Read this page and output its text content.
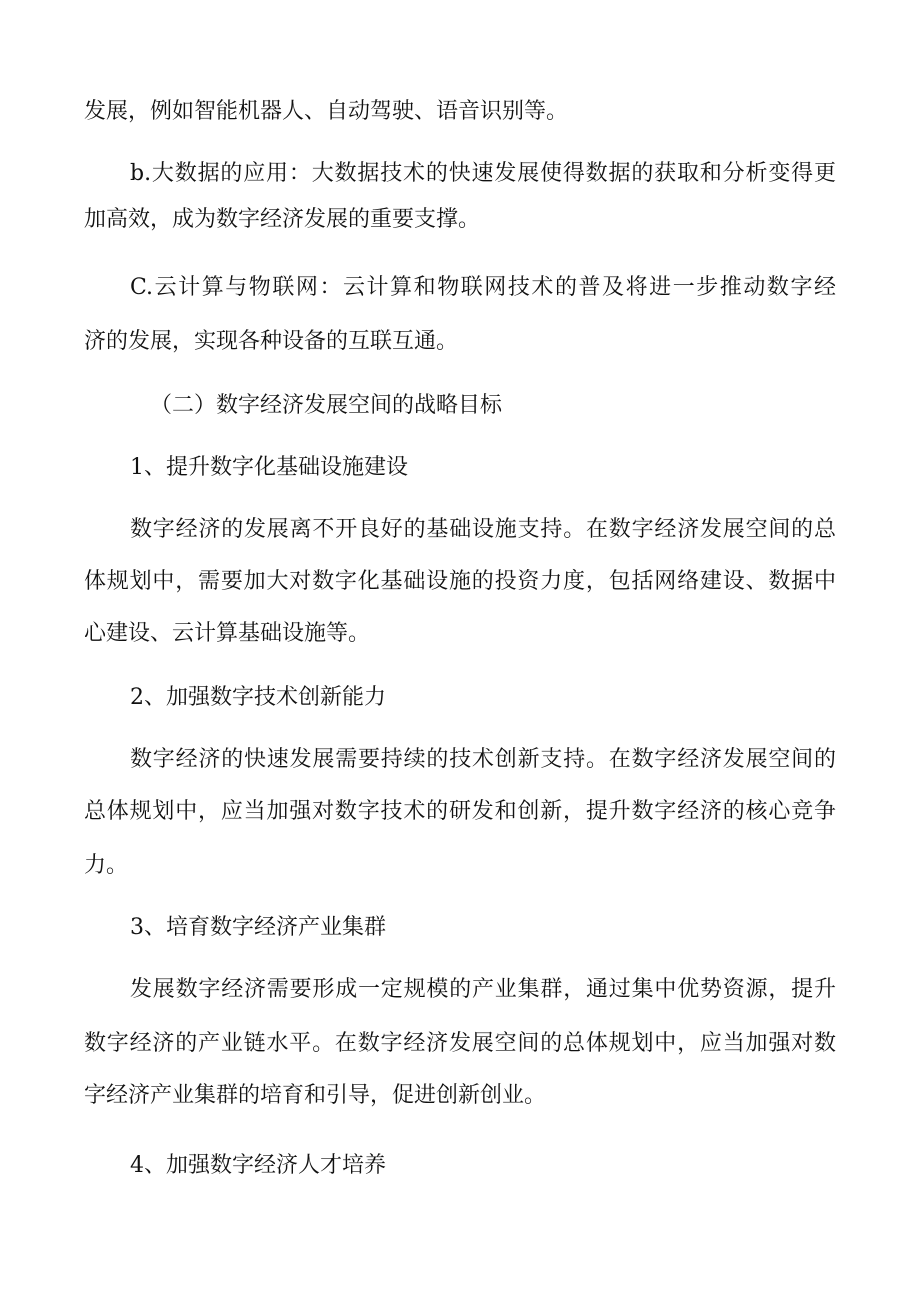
发展，例如智能机器人、自动驾驶、语音识别等。
b.大数据的应用：大数据技术的快速发展使得数据的获取和分析变得更
加高效，成为数字经济发展的重要支撑。
C.云计算与物联网：云计算和物联网技术的普及将进一步推动数字经
济的发展，实现各种设备的互联互通。
（二）数字经济发展空间的战略目标
1、提升数字化基础设施建设
数字经济的发展离不开良好的基础设施支持。在数字经济发展空间的总
体规划中，需要加大对数字化基础设施的投资力度，包括网络建设、数据中
心建设、云计算基础设施等。
2、加强数字技术创新能力
数字经济的快速发展需要持续的技术创新支持。在数字经济发展空间的
总体规划中，应当加强对数字技术的研发和创新，提升数字经济的核心竞争
力。
3、培育数字经济产业集群
发展数字经济需要形成一定规模的产业集群，通过集中优势资源，提升
数字经济的产业链水平。在数字经济发展空间的总体规划中，应当加强对数
字经济产业集群的培育和引导，促进创新创业。
4、加强数字经济人才培养
